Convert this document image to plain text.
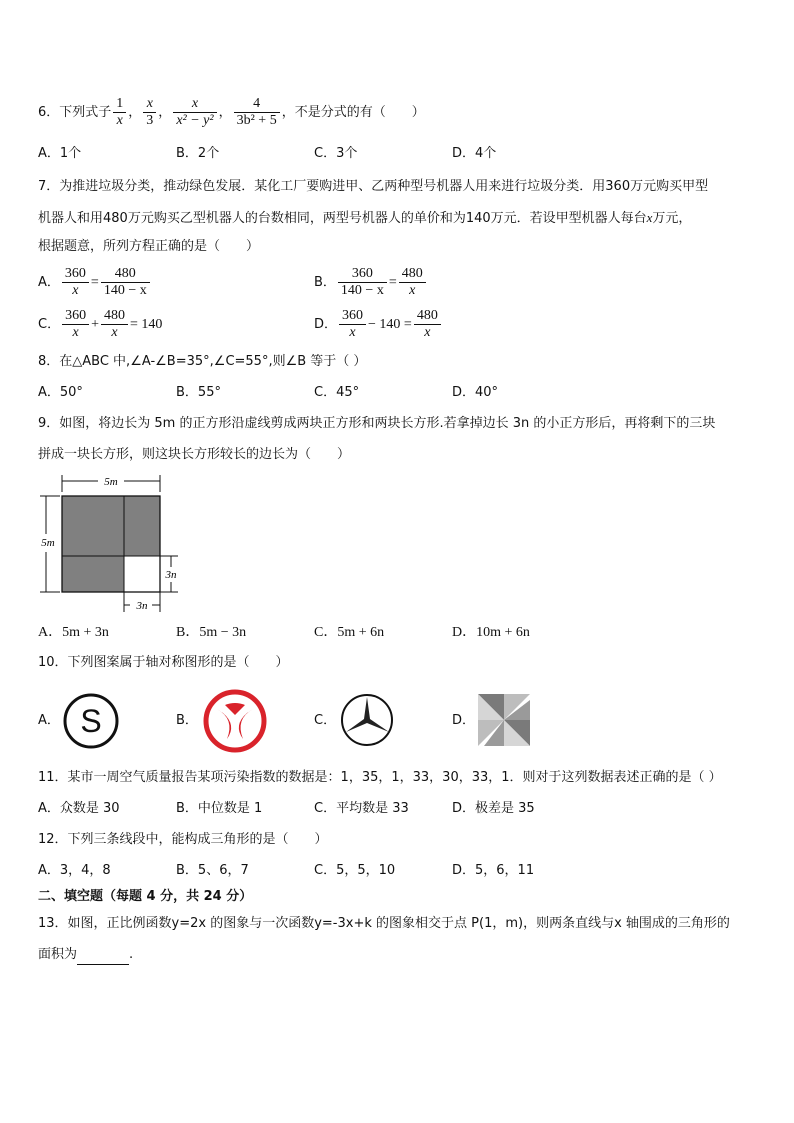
6．下列式子 $\frac{1}{x}$ ， $\frac{x}{3}$ ， $\frac{x}{\text{x² − y²}}$ ， $\frac{4}{\text{3b² + 5}}$ ，不是分式的有（　　）
A．1个	B．2个	C．3个	D．4个
7．为推进垃圾分类，推动绿色发展．某化工厂要购进甲、乙两种型号机器人用来进行垃圾分类．用360万元购买甲型
机器人和用480万元购买乙型机器人的台数相同，两型号机器人的单价和为140万元．若设甲型机器人每台x万元，
根据题意，所列方程正确的是（　　）
A． $\frac{360}{x} = \frac{480}{140 - x}$	B． $\frac{360}{140 - x} = \frac{480}{x}$
C． $\frac{360}{x} + \frac{480}{x} = 140$	D． $\frac{360}{x} - 140 = \frac{480}{x}$
8．在△ABC 中,∠A-∠B=35°,∠C=55°,则∠B 等于（ ）
A．50°	B．55°	C．45°	D．40°
9．如图，将边长为 5m 的正方形沿虚线剪成两块正方形和两块长方形.若拿掉边长 3n 的小正方形后，再将剩下的三块
拼成一块长方形，则这块长方形较长的边长为（　　）
5m
5m
3n
3n
A．5m + 3n	B．5m − 3n	C．5m + 6n	D．10m + 6n
10．下列图案属于轴对称图形的是（　　）
A． S	B．	C．	D．
11．某市一周空气质量报告某项污染指数的数据是：1，35，1，33，30，33，1．则对于这列数据表述正确的是（ ）
A．众数是 30	B．中位数是 1	C．平均数是 33	D．极差是 35
12．下列三条线段中，能构成三角形的是（　　）
A．3，4，8	B．5、6，7	C．5，5，10	D．5，6，11
二、填空题（每题 4 分，共 24 分）
13．如图，正比例函数y=2x 的图象与一次函数y=-3x+k 的图象相交于点 P(1，m)，则两条直线与x 轴围成的三角形的
面积为	.
